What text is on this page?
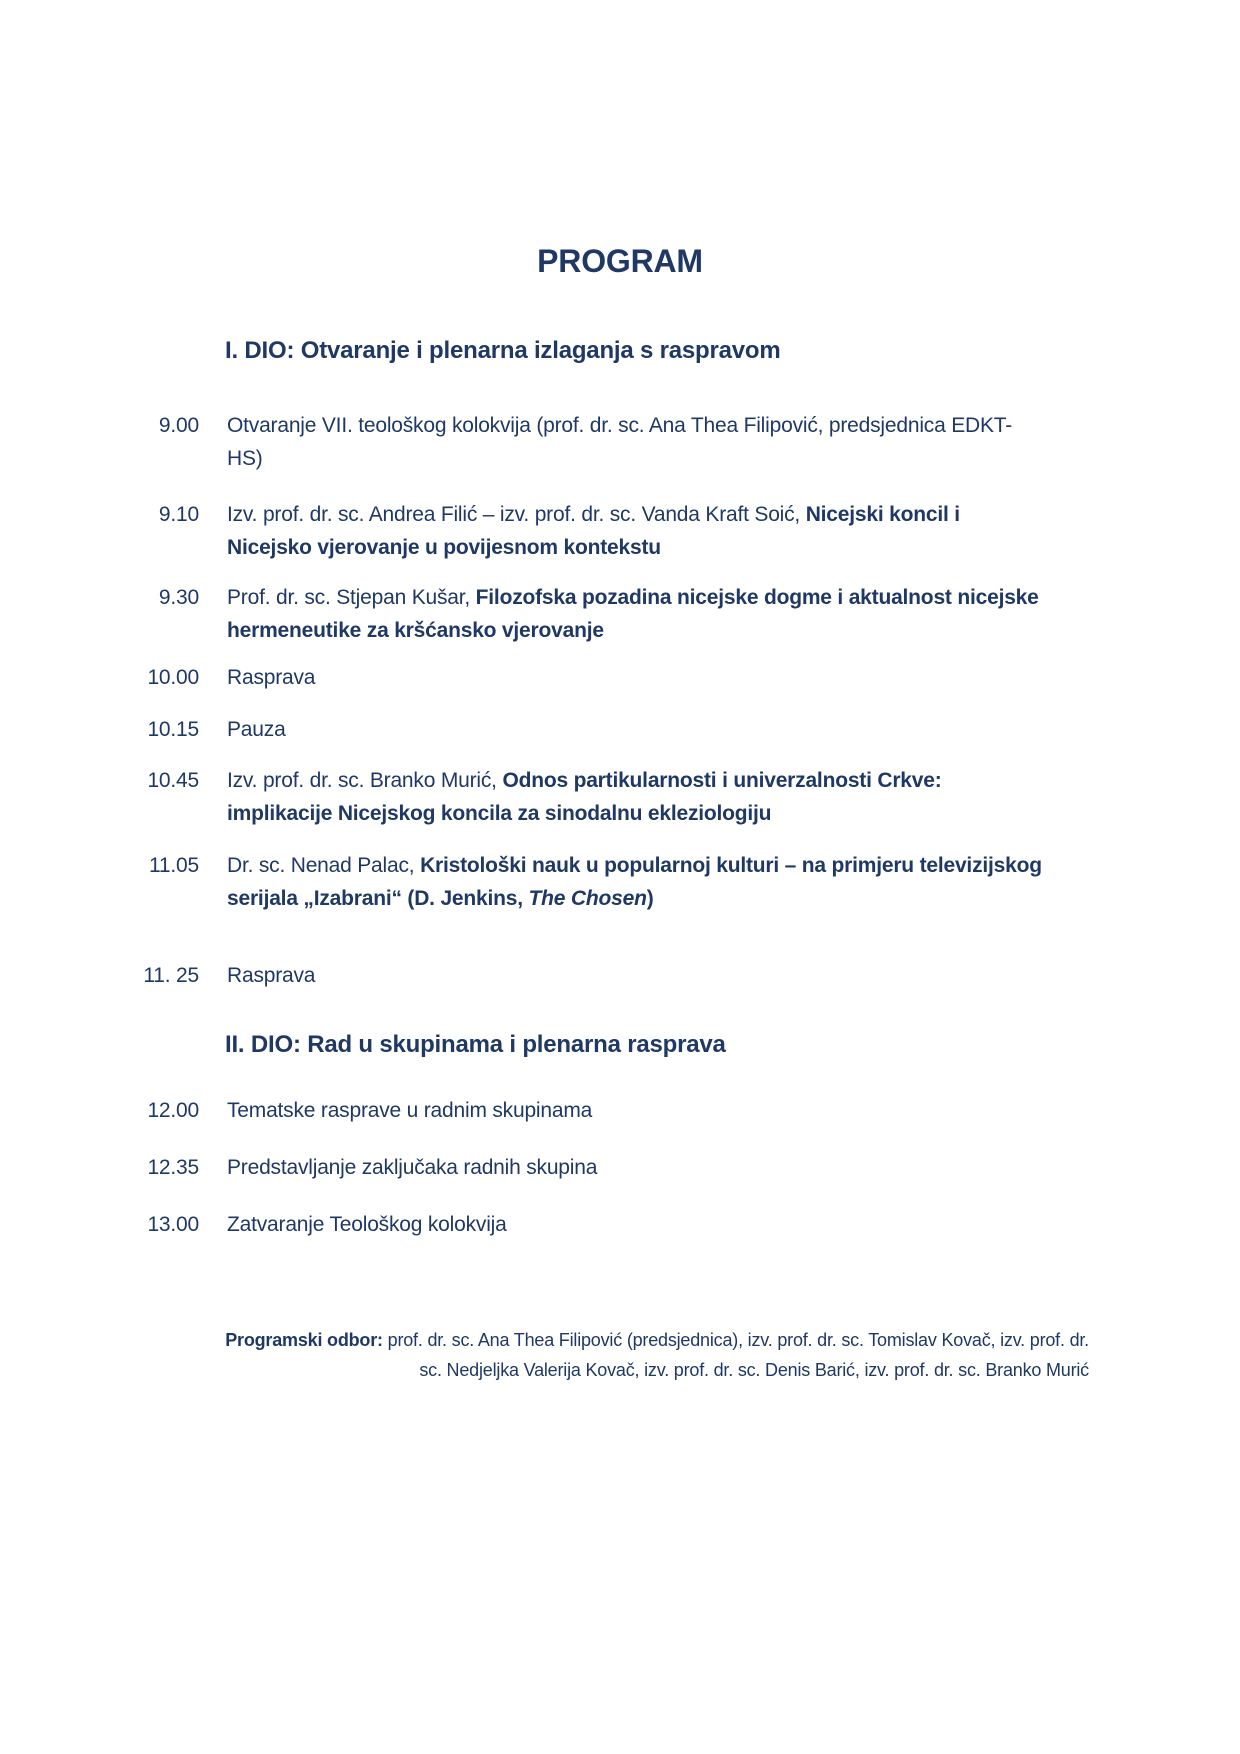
PROGRAM
I. DIO: Otvaranje i plenarna izlaganja s raspravom
9.00 Otvaranje VII. teološkog kolokvija (prof. dr. sc. Ana Thea Filipović, predsjednica EDKT-
HS)
9.10 Izv. prof. dr. sc. Andrea Filić – izv. prof. dr. sc. Vanda Kraft Soić, Nicejski koncil i
Nicejsko vjerovanje u povijesnom kontekstu
9.30 Prof. dr. sc. Stjepan Kušar, Filozofska pozadina nicejske dogme i aktualnost nicejske
hermeneutike za kršćansko vjerovanje
10.00 Rasprava
10.15 Pauza
10.45 Izv. prof. dr. sc. Branko Murić, Odnos partikularnosti i univerzalnosti Crkve:
implikacije Nicejskog koncila za sinodalnu ekleziologiju
11.05 Dr. sc. Nenad Palac, Kristološki nauk u popularnoj kulturi – na primjeru televizijskog
serijala „Izabrani“ (D. Jenkins, The Chosen)
11. 25 Rasprava
II. DIO: Rad u skupinama i plenarna rasprava
12.00 Tematske rasprave u radnim skupinama
12.35 Predstavljanje zaključaka radnih skupina
13.00 Zatvaranje Teološkog kolokvija
Programski odbor: prof. dr. sc. Ana Thea Filipović (predsjednica), izv. prof. dr. sc. Tomislav Kovač, izv. prof. dr.
sc. Nedjeljka Valerija Kovač, izv. prof. dr. sc. Denis Barić, izv. prof. dr. sc. Branko Murić
